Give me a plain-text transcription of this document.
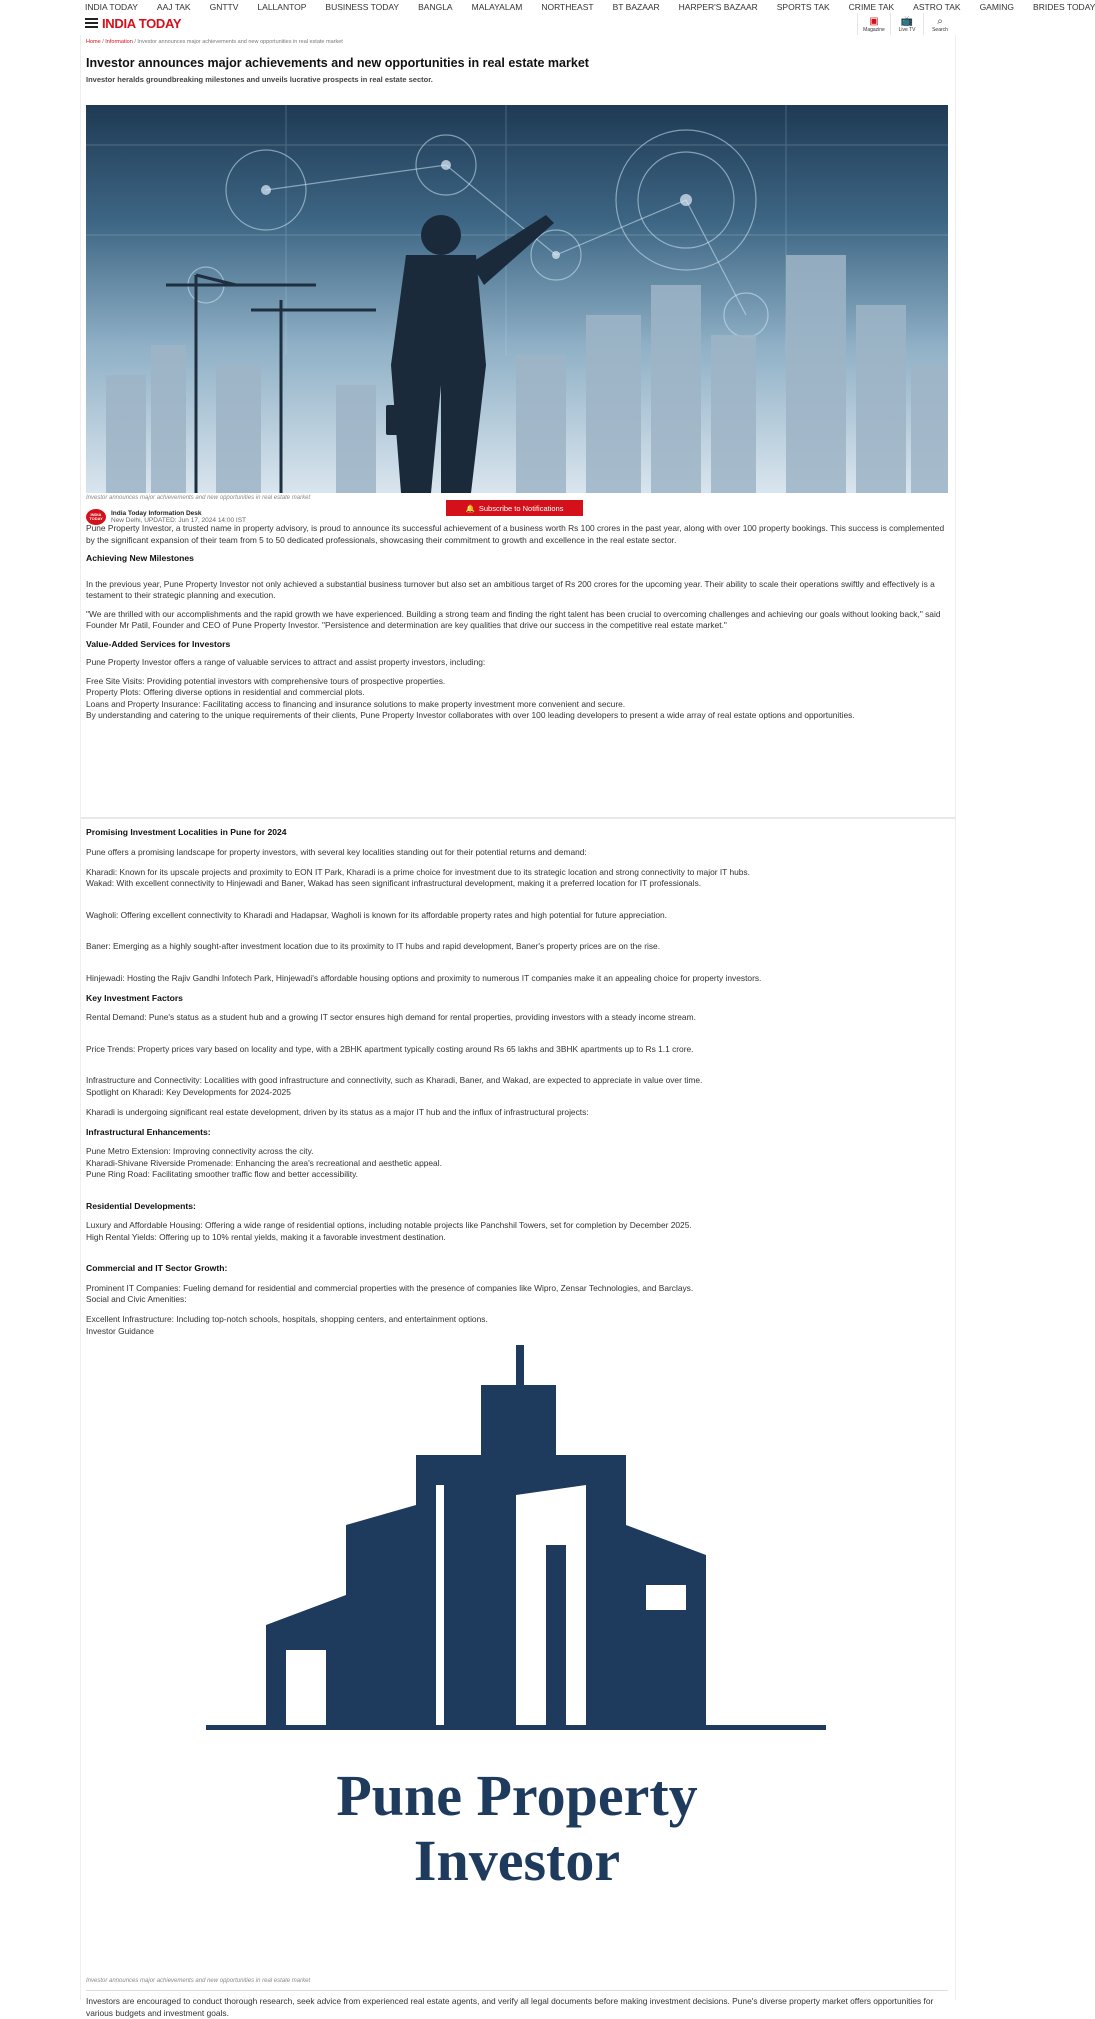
INDIA TODAY AAJ TAK GNTTV LALLANTOP BUSINESS TODAY BANGLA MALAYALAM NORTHEAST BT BAZAAR HARPER'S BAZAAR SPORTS TAK CRIME TAK ASTRO TAK GAMING BRIDES TODAY
INDIA TODAY	▣
Magazine
📺
Live TV
⌕
Search
Home / Information / Investor announces major achievements and new opportunities in real estate market
Investor announces major achievements and new opportunities in real estate market
Investor heralds groundbreaking milestones and unveils lucrative prospects in real estate sector.
Investor announces major achievements and new opportunities in real estate market
INDIA TODAY
India Today Information Desk
New Delhi, UPDATED: Jun 17, 2024 14:00 IST
🔔 Subscribe to Notifications

Pune Property Investor, a trusted name in property advisory, is proud to announce its successful achievement of a business worth Rs 100 crores in the past year, along with over 100 property bookings. This success is complemented by the significant expansion of their team from 5 to 50 dedicated professionals, showcasing their commitment to growth and excellence in the real estate sector.

Achieving New Milestones

In the previous year, Pune Property Investor not only achieved a substantial business turnover but also set an ambitious target of Rs 200 crores for the upcoming year. Their ability to scale their operations swiftly and effectively is a testament to their strategic planning and execution.

"We are thrilled with our accomplishments and the rapid growth we have experienced. Building a strong team and finding the right talent has been crucial to overcoming challenges and achieving our goals without looking back," said Founder Mr Patil, Founder and CEO of Pune Property Investor. "Persistence and determination are key qualities that drive our success in the competitive real estate market."

Value-Added Services for Investors

Pune Property Investor offers a range of valuable services to attract and assist property investors, including:

Free Site Visits: Providing potential investors with comprehensive tours of prospective properties.
Property Plots: Offering diverse options in residential and commercial plots.
Loans and Property Insurance: Facilitating access to financing and insurance solutions to make property investment more convenient and secure.
By understanding and catering to the unique requirements of their clients, Pune Property Investor collaborates with over 100 leading developers to present a wide array of real estate options and opportunities.
Promising Investment Localities in Pune for 2024

Pune offers a promising landscape for property investors, with several key localities standing out for their potential returns and demand:

Kharadi: Known for its upscale projects and proximity to EON IT Park, Kharadi is a prime choice for investment due to its strategic location and strong connectivity to major IT hubs.

Wakad: With excellent connectivity to Hinjewadi and Baner, Wakad has seen significant infrastructural development, making it a preferred location for IT professionals.

Wagholi: Offering excellent connectivity to Kharadi and Hadapsar, Wagholi is known for its affordable property rates and high potential for future appreciation.

Baner: Emerging as a highly sought-after investment location due to its proximity to IT hubs and rapid development, Baner's property prices are on the rise.

Hinjewadi: Hosting the Rajiv Gandhi Infotech Park, Hinjewadi's affordable housing options and proximity to numerous IT companies make it an appealing choice for property investors.

Key Investment Factors

Rental Demand: Pune's status as a student hub and a growing IT sector ensures high demand for rental properties, providing investors with a steady income stream.

Price Trends: Property prices vary based on locality and type, with a 2BHK apartment typically costing around Rs 65 lakhs and 3BHK apartments up to Rs 1.1 crore.

Infrastructure and Connectivity: Localities with good infrastructure and connectivity, such as Kharadi, Baner, and Wakad, are expected to appreciate in value over time.

Spotlight on Kharadi: Key Developments for 2024-2025

Kharadi is undergoing significant real estate development, driven by its status as a major IT hub and the influx of infrastructural projects:

Infrastructural Enhancements:
Pune Metro Extension: Improving connectivity across the city.
Kharadi-Shivane Riverside Promenade: Enhancing the area's recreational and aesthetic appeal.
Pune Ring Road: Facilitating smoother traffic flow and better accessibility.
Residential Developments:
Luxury and Affordable Housing: Offering a wide range of residential options, including notable projects like Panchshil Towers, set for completion by December 2025.
High Rental Yields: Offering up to 10% rental yields, making it a favorable investment destination.
Commercial and IT Sector Growth:
Prominent IT Companies: Fueling demand for residential and commercial properties with the presence of companies like Wipro, Zensar Technologies, and Barclays.
Social and Civic Amenities:
Excellent Infrastructure: Including top-notch schools, hospitals, shopping centers, and entertainment options.
Investor Guidance
Pune Property
Investor
Investor announces major achievements and new opportunities in real estate market

Investors are encouraged to conduct thorough research, seek advice from experienced real estate agents, and verify all legal documents before making investment decisions. Pune's diverse property market offers opportunities for various budgets and investment goals.
